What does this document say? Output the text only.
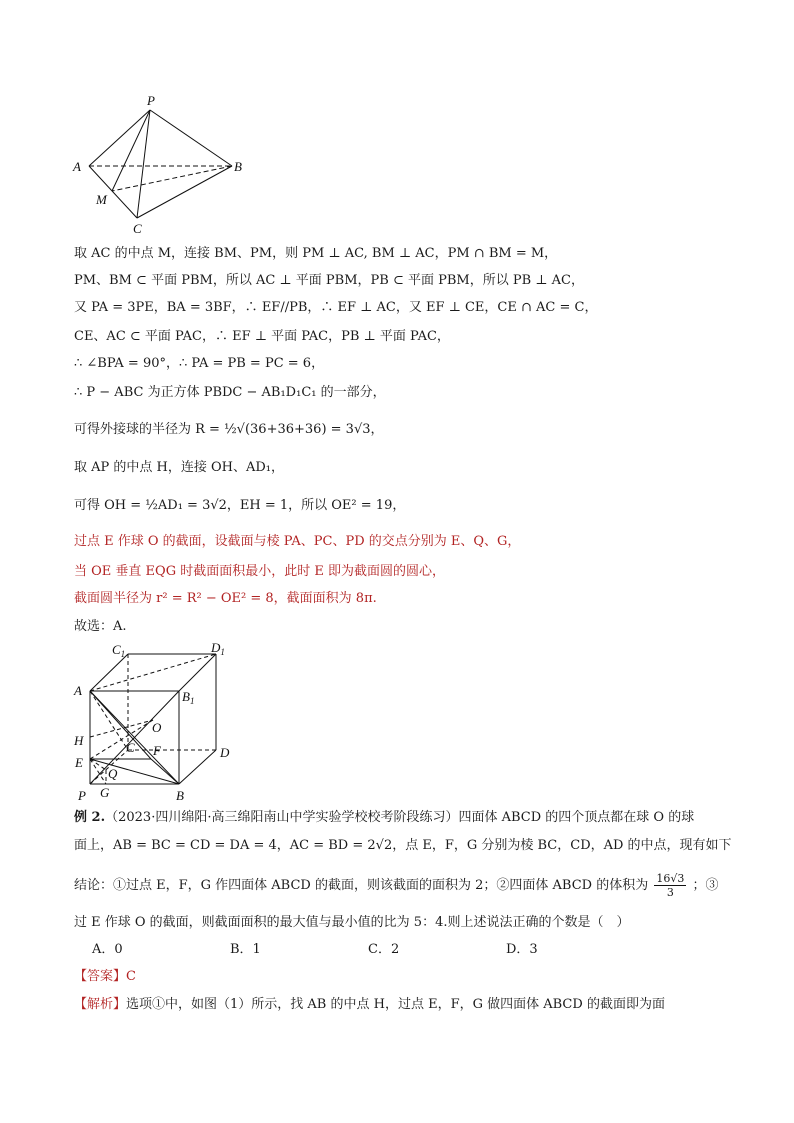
P
A	B
M
C
取 AC 的中点 M，连接 BM、PM，则 PM ⊥ AC, BM ⊥ AC，PM ∩ BM = M，
PM、BM ⊂ 平面 PBM，所以 AC ⊥ 平面 PBM，PB ⊂ 平面 PBM，所以 PB ⊥ AC，
又 PA = 3PE，BA = 3BF，∴ EF//PB，∴ EF ⊥ AC，又 EF ⊥ CE，CE ∩ AC = C，
CE、AC ⊂ 平面 PAC，∴ EF ⊥ 平面 PAC，PB ⊥ 平面 PAC，
∴ ∠BPA = 90°，∴ PA = PB = PC = 6，
∴ P − ABC 为正方体 PBDC − AB₁D₁C₁ 的一部分，
可得外接球的半径为 R = ½√(36+36+36) = 3√3，
取 AP 的中点 H，连接 OH、AD₁，
可得 OH = ½AD₁ = 3√2，EH = 1，所以 OE² = 19，
过点 E 作球 O 的截面，设截面与棱 PA、PC、PD 的交点分别为 E、Q、G，
当 OE 垂直 EQG 时截面面积最小，此时 E 即为截面圆的圆心，
截面圆半径为 r² = R² − OE² = 8，截面面积为 8π.
故选：A.
$C_1$	$D_1$
A	$B_1$
O
H	C F	D
E
Q
P G	B
例 2.（2023·四川绵阳·高三绵阳南山中学实验学校校考阶段练习）四面体 ABCD 的四个顶点都在球 O 的球
面上，AB = BC = CD = DA = 4，AC = BD = 2√2，点 E，F，G 分别为棱 BC，CD，AD 的中点，现有如下
结论：①过点 E，F，G 作四面体 ABCD 的截面，则该截面的面积为 2；②四面体 ABCD 的体积为 $\frac{16√3}{3}$ ；③
过 E 作球 O 的截面，则截面面积的最大值与最小值的比为 5：4.则上述说法正确的个数是（　）
A．0	B．1	C．2	D．3
【答案】C
【解析】选项①中，如图（1）所示，找 AB 的中点 H，过点 E，F，G 做四面体 ABCD 的截面即为面
